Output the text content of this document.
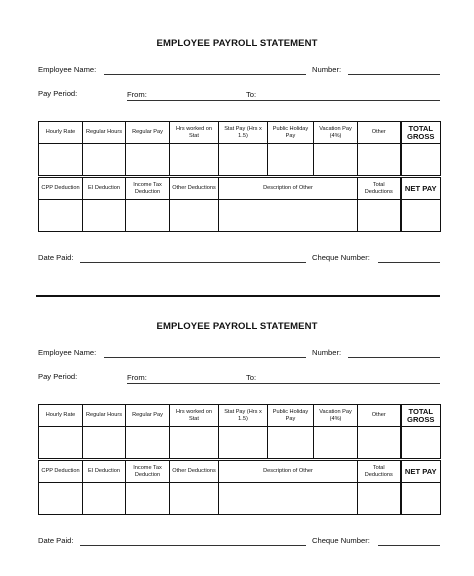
EMPLOYEE PAYROLL STATEMENT
Employee Name:	Number:
Pay Period:	From:	To:
Hourly Rate	Regular Hours	Regular Pay	Hrs worked on Stat	Stat Pay (Hrs x 1.5)	Public Holiday Pay	Vacation Pay (4%)	Other	TOTAL GROSS

CPP Deduction	EI Deduction	Income Tax Deduction	Other Deductions	Description of Other	Total Deductions	NET PAY

Date Paid:	Cheque Number:
EMPLOYEE PAYROLL STATEMENT
Employee Name:	Number:
Pay Period:	From:	To:
Hourly Rate	Regular Hours	Regular Pay	Hrs worked on Stat	Stat Pay (Hrs x 1.5)	Public Holiday Pay	Vacation Pay (4%)	Other	TOTAL GROSS

CPP Deduction	EI Deduction	Income Tax Deduction	Other Deductions	Description of Other	Total Deductions	NET PAY

Date Paid:	Cheque Number:
